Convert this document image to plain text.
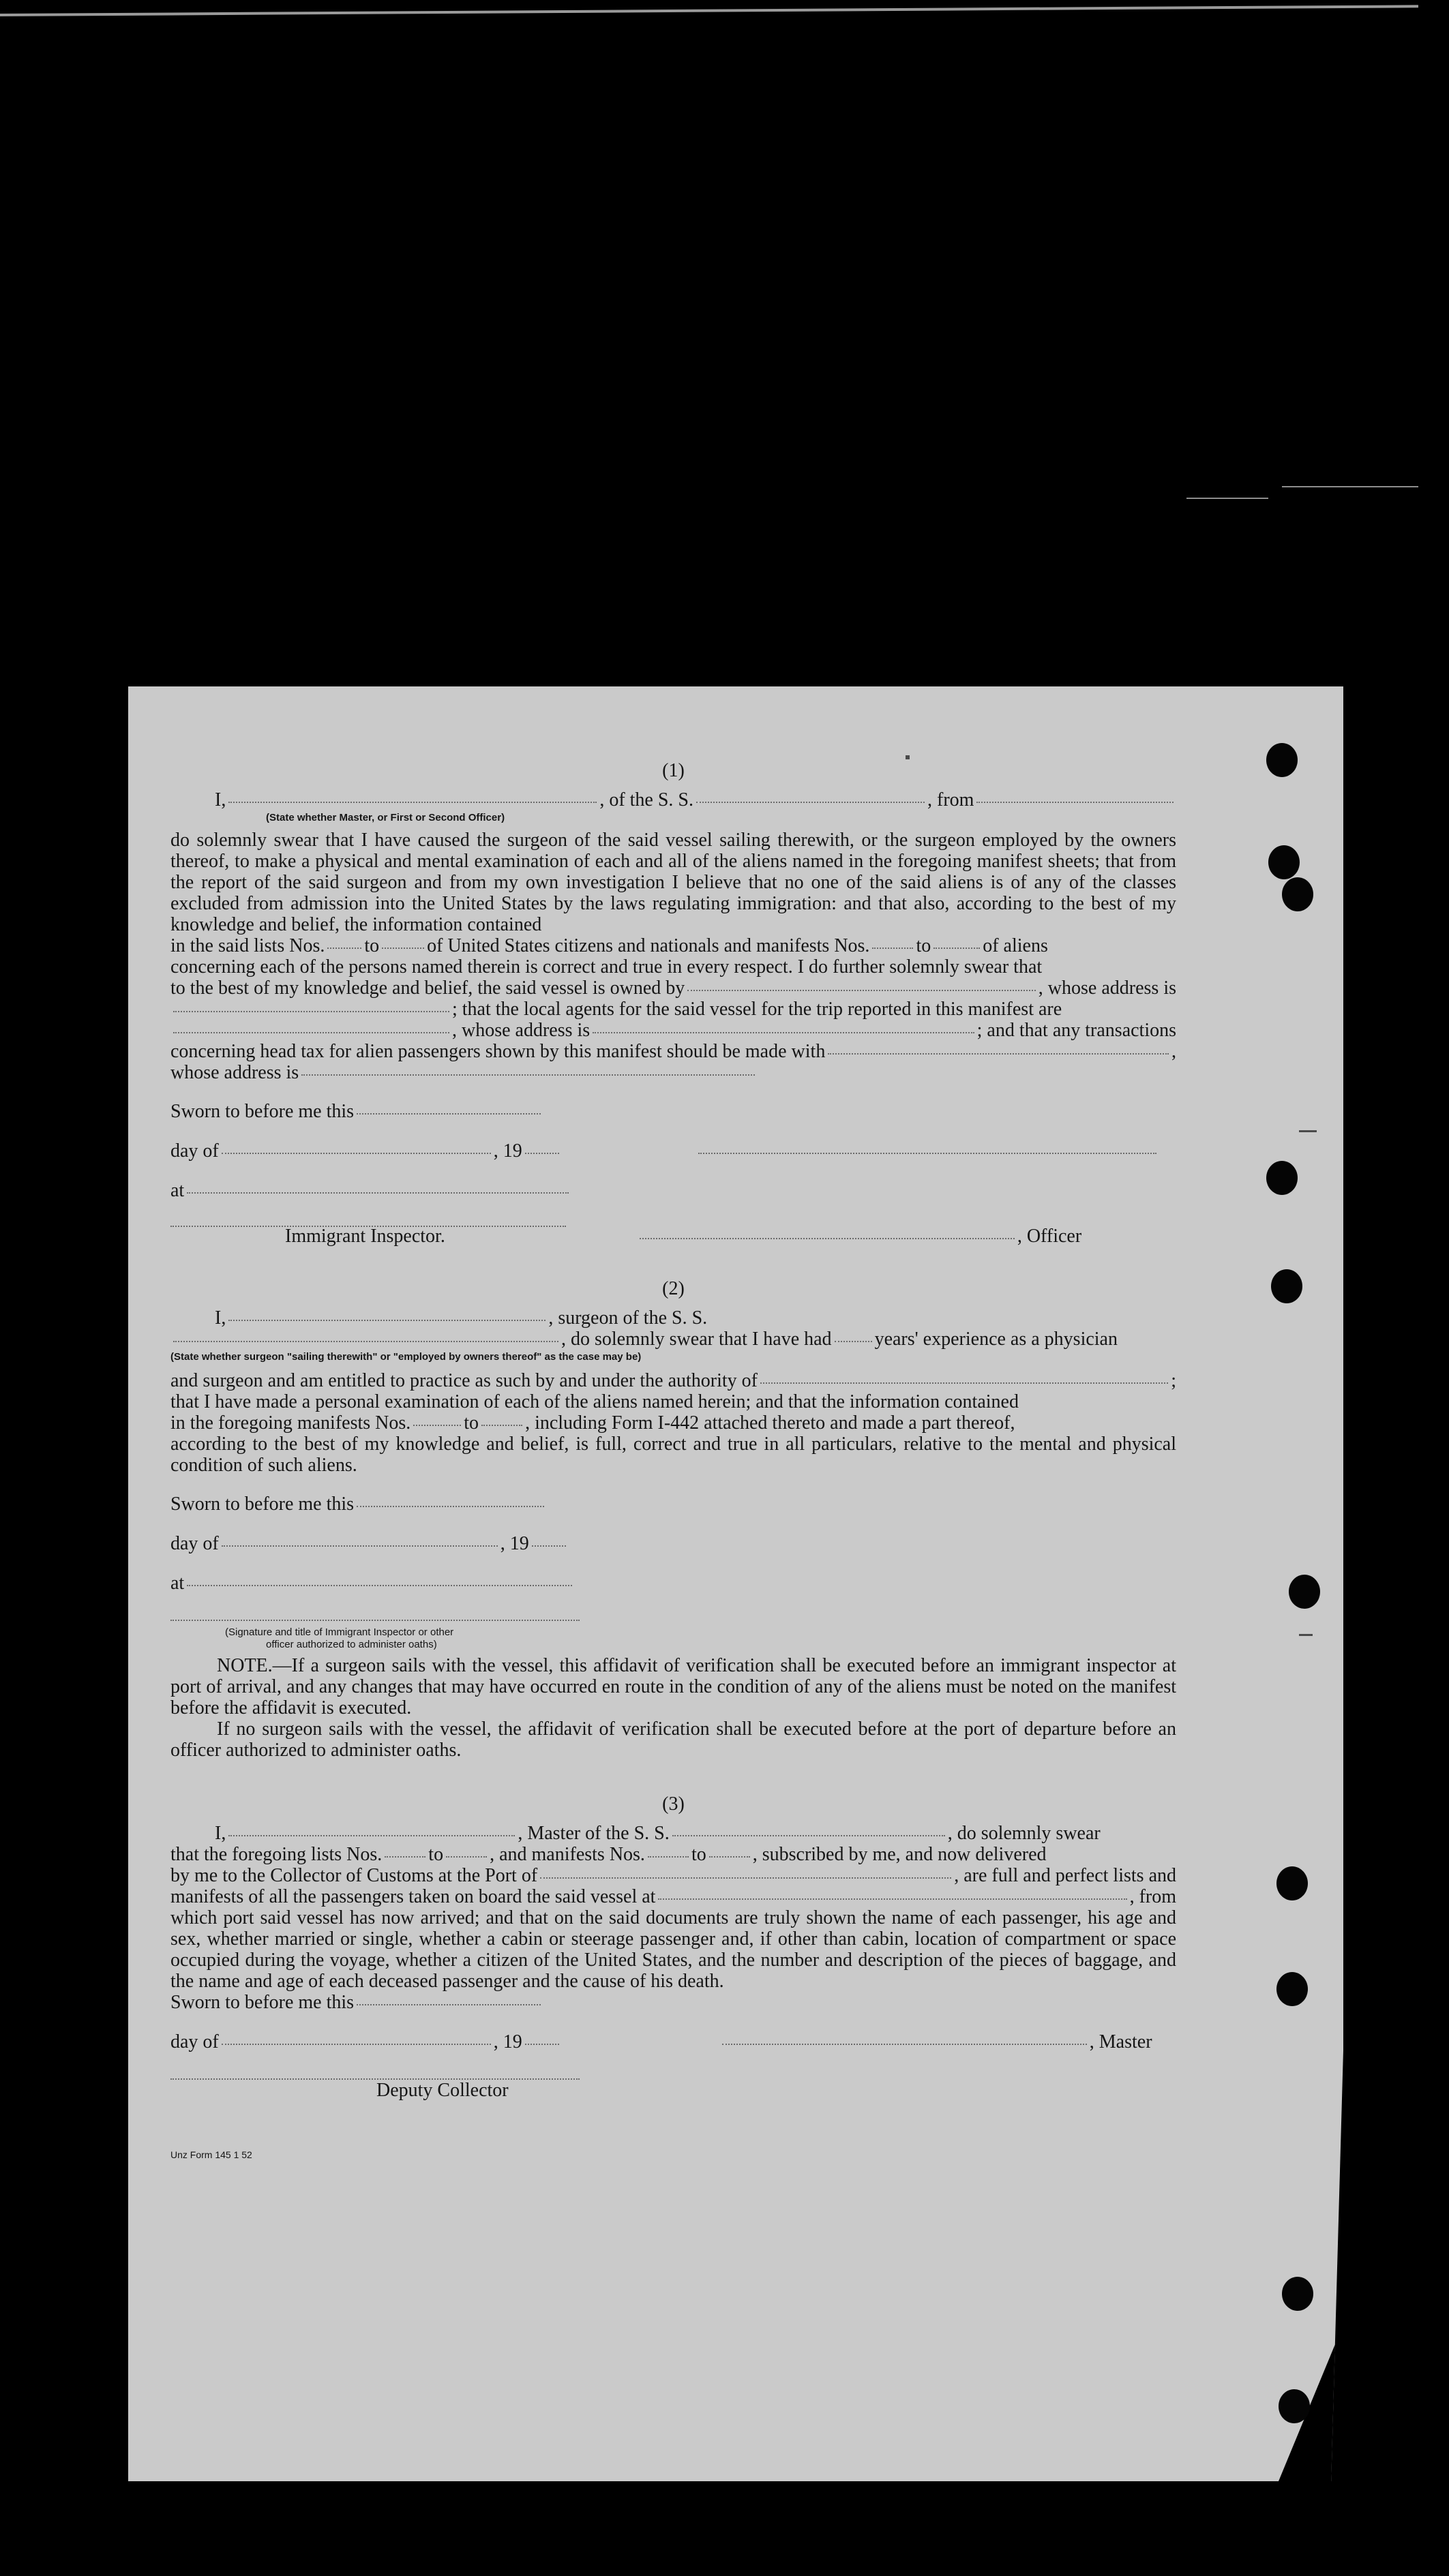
(1)
I,	, of the S. S.	, from
(State whether Master, or First or Second Officer)
do solemnly swear that I have caused the surgeon of the said vessel sailing therewith, or the surgeon employed by the owners thereof, to make a physical and mental examination of each and all of the aliens named in the foregoing manifest sheets; that from the report of the said surgeon and from my own investigation I believe that no one of the said aliens is of any of the classes excluded from admission into the United States by the laws regulating immigration: and that also, according to the best of my knowledge and belief, the information contained
in the said lists Nos. to	of United States citizens and nationals and manifests Nos. to	of aliens
concerning each of the persons named therein is correct and true in every respect. I do further solemnly swear that
to the best of my knowledge and belief, the said vessel is owned by	, whose address is
; that the local agents for the said vessel for the trip reported in this manifest are
, whose address is	; and that any transactions
concerning head tax for alien passengers shown by this manifest should be made with	,
whose address is
Sworn to before me this
day of	, 19
at
Immigrant Inspector.	, Officer
(2)
I,	, surgeon of the S. S.
, do solemnly swear that I have had years' experience as a physician
(State whether surgeon "sailing therewith" or "employed by owners thereof" as the case may be)
and surgeon and am entitled to practice as such by and under the authority of	;
that I have made a personal examination of each of the aliens named herein; and that the information contained
in the foregoing manifests Nos.	to , including Form I-442 attached thereto and made a part thereof,
according to the best of my knowledge and belief, is full, correct and true in all particulars, relative to the mental and physical condition of such aliens.
Sworn to before me this
day of	, 19
at
(Signature and title of Immigrant Inspector or other
officer authorized to administer oaths)
NOTE.—If a surgeon sails with the vessel, this affidavit of verification shall be executed before an immigrant inspector at port of arrival, and any changes that may have occurred en route in the condition of any of the aliens must be noted on the manifest before the affidavit is executed.
If no surgeon sails with the vessel, the affidavit of verification shall be executed before at the port of departure before an officer authorized to administer oaths.
(3)
I,	, Master of the S. S.	, do solemnly swear
that the foregoing lists Nos. to , and manifests Nos. to , subscribed by me, and now delivered
by me to the Collector of Customs at the Port of	, are full and perfect lists and
manifests of all the passengers taken on board the said vessel at	, from
which port said vessel has now arrived; and that on the said documents are truly shown the name of each passenger, his age and sex, whether married or single, whether a cabin or steerage passenger and, if other than cabin, location of compartment or space occupied during the voyage, whether a citizen of the United States, and the number and description of the pieces of baggage, and the name and age of each deceased passenger and the cause of his death.
Sworn to before me this
day of	, 19	, Master
Deputy Collector
Unz Form 145 1 52
